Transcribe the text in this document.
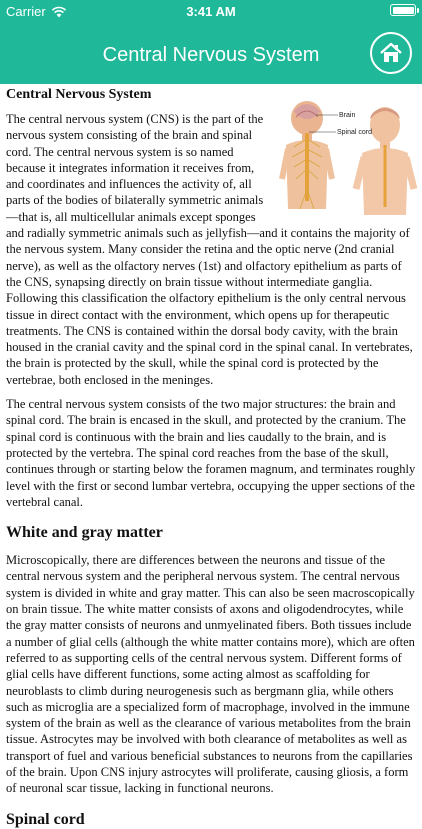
Carrier	3:41 AM
Central Nervous System
Central Nervous System
Brain
Spinal cord

The central nervous system (CNS) is the part of the nervous system consisting of the brain and spinal cord. The central nervous system is so named because it integrates information it receives from, and coordinates and influences the activity of, all parts of the bodies of bilaterally symmetric animals—that is, all multicellular animals except sponges and radially symmetric animals such as jellyfish—and it contains the majority of the nervous system. Many consider the retina and the optic nerve (2nd cranial nerve), as well as the olfactory nerves (1st) and olfactory epithelium as parts of the CNS, synapsing directly on brain tissue without intermediate ganglia. Following this classification the olfactory epithelium is the only central nervous tissue in direct contact with the environment, which opens up for therapeutic treatments. The CNS is contained within the dorsal body cavity, with the brain housed in the cranial cavity and the spinal cord in the spinal canal. In vertebrates, the brain is protected by the skull, while the spinal cord is protected by the vertebrae, both enclosed in the meninges.

The central nervous system consists of the two major structures: the brain and spinal cord. The brain is encased in the skull, and protected by the cranium. The spinal cord is continuous with the brain and lies caudally to the brain, and is protected by the vertebra. The spinal cord reaches from the base of the skull, continues through or starting below the foramen magnum, and terminates roughly level with the first or second lumbar vertebra, occupying the upper sections of the vertebral canal.

White and gray matter

Microscopically, there are differences between the neurons and tissue of the central nervous system and the peripheral nervous system. The central nervous system is divided in white and gray matter. This can also be seen macroscopically on brain tissue. The white matter consists of axons and oligodendrocytes, while the gray matter consists of neurons and unmyelinated fibers. Both tissues include a number of glial cells (although the white matter contains more), which are often referred to as supporting cells of the central nervous system. Different forms of glial cells have different functions, some acting almost as scaffolding for neuroblasts to climb during neurogenesis such as bergmann glia, while others such as microglia are a specialized form of macrophage, involved in the immune system of the brain as well as the clearance of various metabolites from the brain tissue. Astrocytes may be involved with both clearance of metabolites as well as transport of fuel and various beneficial substances to neurons from the capillaries of the brain. Upon CNS injury astrocytes will proliferate, causing gliosis, a form of neuronal scar tissue, lacking in functional neurons.

Spinal cord
